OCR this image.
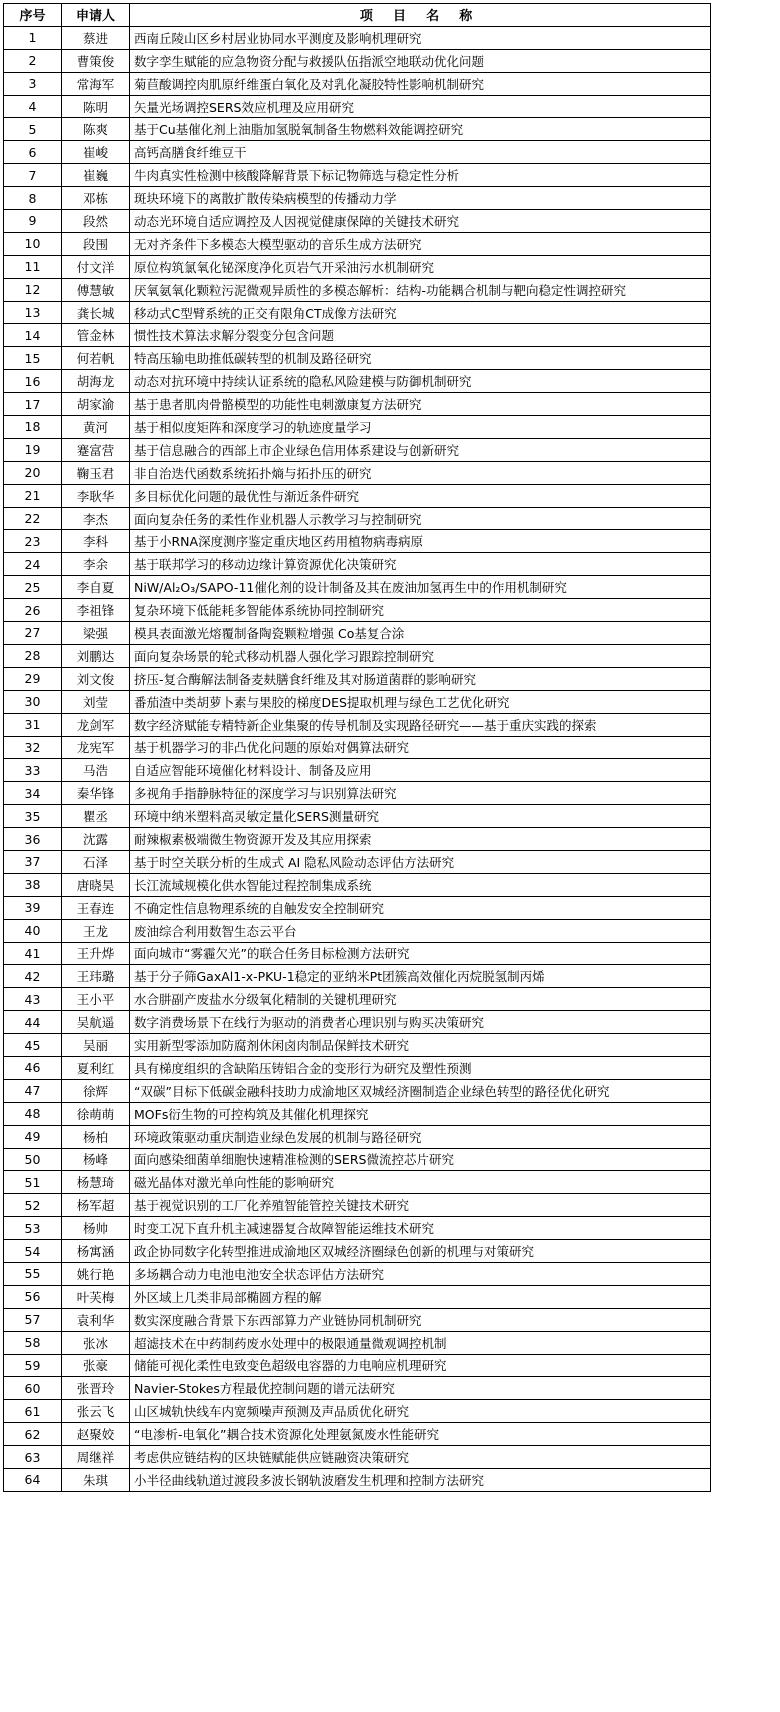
序号	申请人	项 目 名 称
1	蔡进	西南丘陵山区乡村居业协同水平测度及影响机理研究
2	曹策俊	数字孪生赋能的应急物资分配与救援队伍指派空地联动优化问题
3	常海军	菊苣酸调控肉肌原纤维蛋白氧化及对乳化凝胶特性影响机制研究
4	陈明	矢量光场调控SERS效应机理及应用研究
5	陈爽	基于Cu基催化剂上油脂加氢脱氧制备生物燃料效能调控研究
6	崔峻	高钙高膳食纤维豆干
7	崔巍	牛肉真实性检测中核酸降解背景下标记物筛选与稳定性分析
8	邓栋	斑块环境下的离散扩散传染病模型的传播动力学
9	段然	动态光环境自适应调控及人因视觉健康保障的关键技术研究
10	段围	无对齐条件下多模态大模型驱动的音乐生成方法研究
11	付文洋	原位构筑氯氧化铋深度净化页岩气开采油污水机制研究
12	傅慧敏	厌氧氨氧化颗粒污泥微观异质性的多模态解析：结构-功能耦合机制与靶向稳定性调控研究
13	龚长城	移动式C型臂系统的正交有限角CT成像方法研究
14	管金林	惯性技术算法求解分裂变分包含问题
15	何若帆	特高压输电助推低碳转型的机制及路径研究
16	胡海龙	动态对抗环境中持续认证系统的隐私风险建模与防御机制研究
17	胡家渝	基于患者肌肉骨骼模型的功能性电刺激康复方法研究
18	黄河	基于相似度矩阵和深度学习的轨迹度量学习
19	蹇富营	基于信息融合的西部上市企业绿色信用体系建设与创新研究
20	鞠玉君	非自治迭代函数系统拓扑熵与拓扑压的研究
21	李耿华	多目标优化问题的最优性与渐近条件研究
22	李杰	面向复杂任务的柔性作业机器人示教学习与控制研究
23	李科	基于小RNA深度测序鉴定重庆地区药用植物病毒病原
24	李余	基于联邦学习的移动边缘计算资源优化决策研究
25	李自夏	NiW/Al₂O₃/SAPO-11催化剂的设计制备及其在废油加氢再生中的作用机制研究
26	李祖锋	复杂环境下低能耗多智能体系统协同控制研究
27	梁强	模具表面激光熔覆制备陶瓷颗粒增强 Co基复合涂
28	刘鹏达	面向复杂场景的轮式移动机器人强化学习跟踪控制研究
29	刘文俊	挤压-复合酶解法制备麦麸膳食纤维及其对肠道菌群的影响研究
30	刘莹	番茄渣中类胡萝卜素与果胶的梯度DES提取机理与绿色工艺优化研究
31	龙剑军	数字经济赋能专精特新企业集聚的传导机制及实现路径研究——基于重庆实践的探索
32	龙宪军	基于机器学习的非凸优化问题的原始对偶算法研究
33	马浩	自适应智能环境催化材料设计、制备及应用
34	秦华锋	多视角手指静脉特征的深度学习与识别算法研究
35	瞿丞	环境中纳米塑料高灵敏定量化SERS测量研究
36	沈露	耐辣椒素极端微生物资源开发及其应用探索
37	石泽	基于时空关联分析的生成式 AI 隐私风险动态评估方法研究
38	唐晓昊	长江流域规模化供水智能过程控制集成系统
39	王春连	不确定性信息物理系统的自触发安全控制研究
40	王龙	废油综合利用数智生态云平台
41	王升烨	面向城市“雾霾欠光”的联合任务目标检测方法研究
42	王玮璐	基于分子筛GaxAl1-x-PKU-1稳定的亚纳米Pt团簇高效催化丙烷脱氢制丙烯
43	王小平	水合肼副产废盐水分级氧化精制的关键机理研究
44	吴航遥	数字消费场景下在线行为驱动的消费者心理识别与购买决策研究
45	吴丽	实用新型零添加防腐剂休闲卤肉制品保鲜技术研究
46	夏利红	具有梯度组织的含缺陷压铸铝合金的变形行为研究及塑性预测
47	徐辉	“双碳”目标下低碳金融科技助力成渝地区双城经济圈制造企业绿色转型的路径优化研究
48	徐萌萌	MOFs衍生物的可控构筑及其催化机理探究
49	杨柏	环境政策驱动重庆制造业绿色发展的机制与路径研究
50	杨峰	面向感染细菌单细胞快速精准检测的SERS微流控芯片研究
51	杨慧琦	磁光晶体对激光单向性能的影响研究
52	杨军超	基于视觉识别的工厂化养殖智能管控关键技术研究
53	杨帅	时变工况下直升机主减速器复合故障智能运维技术研究
54	杨寓涵	政企协同数字化转型推进成渝地区双城经济圈绿色创新的机理与对策研究
55	姚行艳	多场耦合动力电池电池安全状态评估方法研究
56	叶芙梅	外区域上几类非局部椭圆方程的解
57	袁利华	数实深度融合背景下东西部算力产业链协同机制研究
58	张冰	超滤技术在中药制药废水处理中的极限通量微观调控机制
59	张豪	储能可视化柔性电致变色超级电容器的力电响应机理研究
60	张晋玲	Navier-Stokes方程最优控制问题的谱元法研究
61	张云飞	山区城轨快线车内宽频噪声预测及声品质优化研究
62	赵聚姣	“电渗析-电氧化”耦合技术资源化处理氨氮废水性能研究
63	周继祥	考虑供应链结构的区块链赋能供应链融资决策研究
64	朱琪	小半径曲线轨道过渡段多波长钢轨波磨发生机理和控制方法研究
